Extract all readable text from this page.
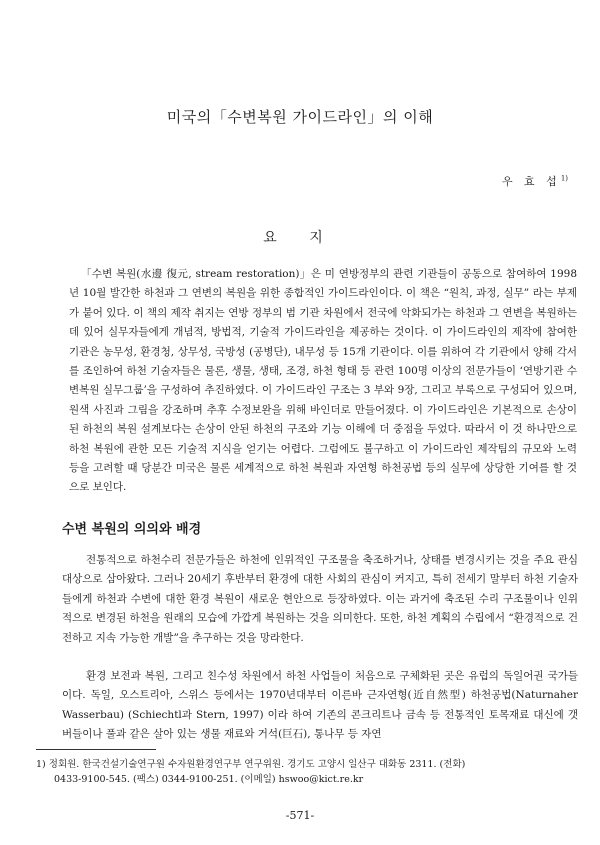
미국의「수변복원 가이드라인」의 이해
우 효 섭$^{1)}$
요 지

「수변 복원(水邊 復元, stream restoration)」은 미 연방정부의 관련 기관들이 공동으로 참여하여 1998년 10월 발간한 하천과 그 연변의 복원을 위한 종합적인 가이드라인이다. 이 책은 “원칙, 과정, 실무” 라는 부제가 붙어 있다. 이 책의 제작 취지는 연방 정부의 범 기관 차원에서 전국에 악화되가는 하천과 그 연변을 복원하는데 있어 실무자들에게 개념적, 방법적, 기술적 가이드라인을 제공하는 것이다. 이 가이드라인의 제작에 참여한 기관은 농무성, 환경청, 상무성, 국방성 (공병단), 내무성 등 15개 기관이다. 이를 위하여 각 기관에서 양해 각서를 조인하여 하천 기술자들은 물론, 생물, 생태, 조경, 하천 형태 등 관련 100명 이상의 전문가들이 ‘연방기관 수변복원 실무그룹’을 구성하여 추진하였다. 이 가이드라인 구조는 3 부와 9장, 그리고 부록으로 구성되어 있으며, 원색 사진과 그림을 강조하며 추후 수정보완을 위해 바인더로 만들어졌다. 이 가이드라인은 기본적으로 손상이 된 하천의 복원 설계보다는 손상이 안된 하천의 구조와 기능 이해에 더 중점을 두었다. 따라서 이 것 하나만으로 하천 복원에 관한 모든 기술적 지식을 얻기는 어렵다. 그럼에도 불구하고 이 가이드라인 제작팀의 규모와 노력 등을 고려할 때 당분간 미국은 물론 세계적으로 하천 복원과 자연형 하천공법 등의 실무에 상당한 기여를 할 것으로 보인다.

수변 복원의 의의와 배경

전통적으로 하천수리 전문가들은 하천에 인위적인 구조물을 축조하거나, 상태를 변경시키는 것을 주요 관심 대상으로 삼아왔다. 그러나 20세기 후반부터 환경에 대한 사회의 관심이 커지고, 특히 전세기 말부터 하천 기술자들에게 하천과 수변에 대한 환경 복원이 새로운 현안으로 등장하였다. 이는 과거에 축조된 수리 구조물이나 인위적으로 변경된 하천을 원래의 모습에 가깝게 복원하는 것을 의미한다. 또한, 하천 계획의 수립에서 “환경적으로 건전하고 지속 가능한 개발”을 추구하는 것을 망라한다.

환경 보전과 복원, 그리고 친수성 차원에서 하천 사업들이 처음으로 구체화된 곳은 유럽의 독일어권 국가들이다. 독일, 오스트리아, 스위스 등에서는 1970년대부터 이른바 근자연형(近自然型) 하천공법(Naturnaher Wasserbau) (Schiechtl과 Stern, 1997) 이라 하여 기존의 콘크리트나 금속 등 전통적인 토목재료 대신에 갯버들이나 풀과 같은 살아 있는 생물 재료와 거석(巨石), 통나무 등 자연

1) 정회원. 한국건설기술연구원 수자원환경연구부 연구위원. 경기도 고양시 일산구 대화동 2311. (전화)
0433-9100-545. (팩스) 0344-9100-251. (이메일) hswoo@kict.re.kr

-571-
